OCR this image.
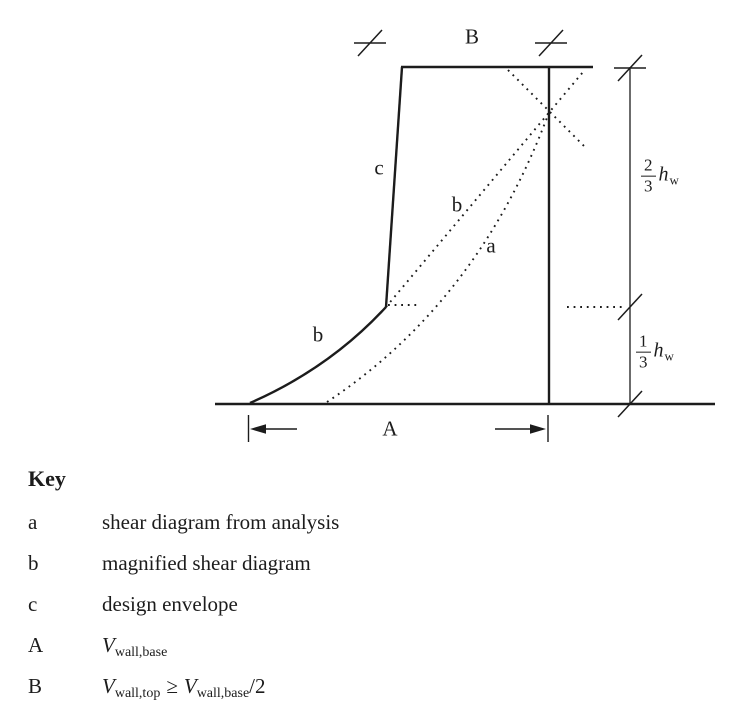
B
c
b
a
b
A
$\frac{2}{3} h_w$
$\frac{1}{3} h_w$
Key
a	shear diagram from analysis
b	magnified shear diagram
c	design envelope
A	$V_{wall,base}$
B	$V_{wall,top} \ge V_{wall,base}/2$
